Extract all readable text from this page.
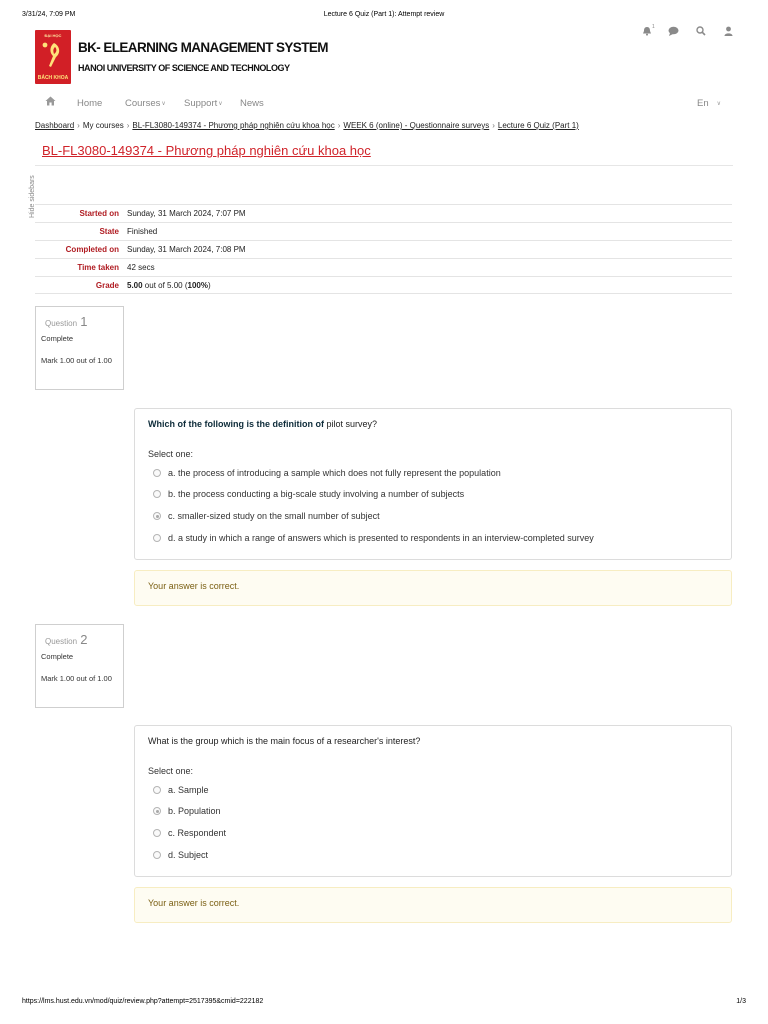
3/31/24, 7:09 PM	Lecture 6 Quiz (Part 1): Attempt review
ĐẠI HỌC
BÁCH KHOA
BK- ELEARNING MANAGEMENT SYSTEM
HANOI UNIVERSITY OF SCIENCE AND TECHNOLOGY
1
Home Courses∨ Support∨ News	En ∨
Dashboard › My courses › BL-FL3080-149374 - Phương pháp nghiên cứu khoa học › WEEK 6 (online) - Questionnaire surveys › Lecture 6 Quiz (Part 1)
BL-FL3080-149374 - Phương pháp nghiên cứu khoa học
Hide sidebars	Started on Sunday, 31 March 2024, 7:07 PM
State Finished
Completed on Sunday, 31 March 2024, 7:08 PM
Time taken 42 secs
Grade 5.00 out of 5.00 (100%)
Question 1
Complete
Mark 1.00 out of 1.00
Which of the following is the definition of pilot survey?
Select one:
a. the process of introducing a sample which does not fully represent the population
b. the process conducting a big-scale study involving a number of subjects
c. smaller-sized study on the small number of subject
d. a study in which a range of answers which is presented to respondents in an interview-completed survey
Your answer is correct.
Question 2
Complete
Mark 1.00 out of 1.00
What is the group which is the main focus of a researcher's interest?
Select one:
a. Sample
b. Population
c. Respondent
d. Subject
Your answer is correct.
https://lms.hust.edu.vn/mod/quiz/review.php?attempt=2517395&cmid=222182	1/3
